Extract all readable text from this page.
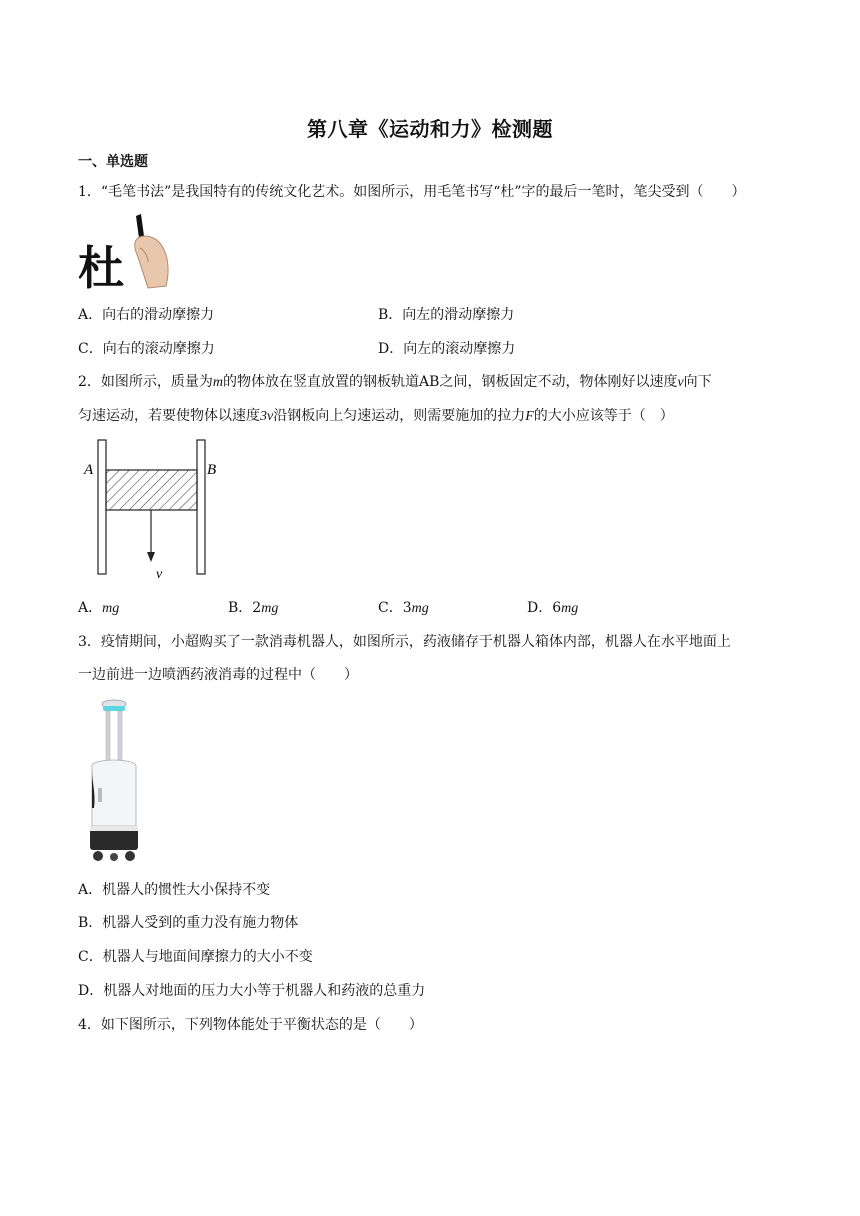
第八章《运动和力》检测题
一、单选题
1．“毛笔书法”是我国特有的传统文化艺术。如图所示，用毛笔书写“杜”字的最后一笔时，笔尖受到（　　）
杜
A．向右的滑动摩擦力	B．向左的滑动摩擦力
C．向右的滚动摩擦力	D．向左的滚动摩擦力
2．如图所示，质量为m的物体放在竖直放置的钢板轨道AB之间，钢板固定不动，物体刚好以速度v向下
匀速运动，若要使物体以速度3v沿钢板向上匀速运动，则需要施加的拉力F的大小应该等于（　）
A	B
v
A．mg	B．2mg	C．3mg	D．6mg
3．疫情期间，小超购买了一款消毒机器人，如图所示，药液储存于机器人箱体内部，机器人在水平地面上
一边前进一边喷洒药液消毒的过程中（　　）
A．机器人的惯性大小保持不变
B．机器人受到的重力没有施力物体
C．机器人与地面间摩擦力的大小不变
D．机器人对地面的压力大小等于机器人和药液的总重力
4．如下图所示，下列物体能处于平衡状态的是（　　）
